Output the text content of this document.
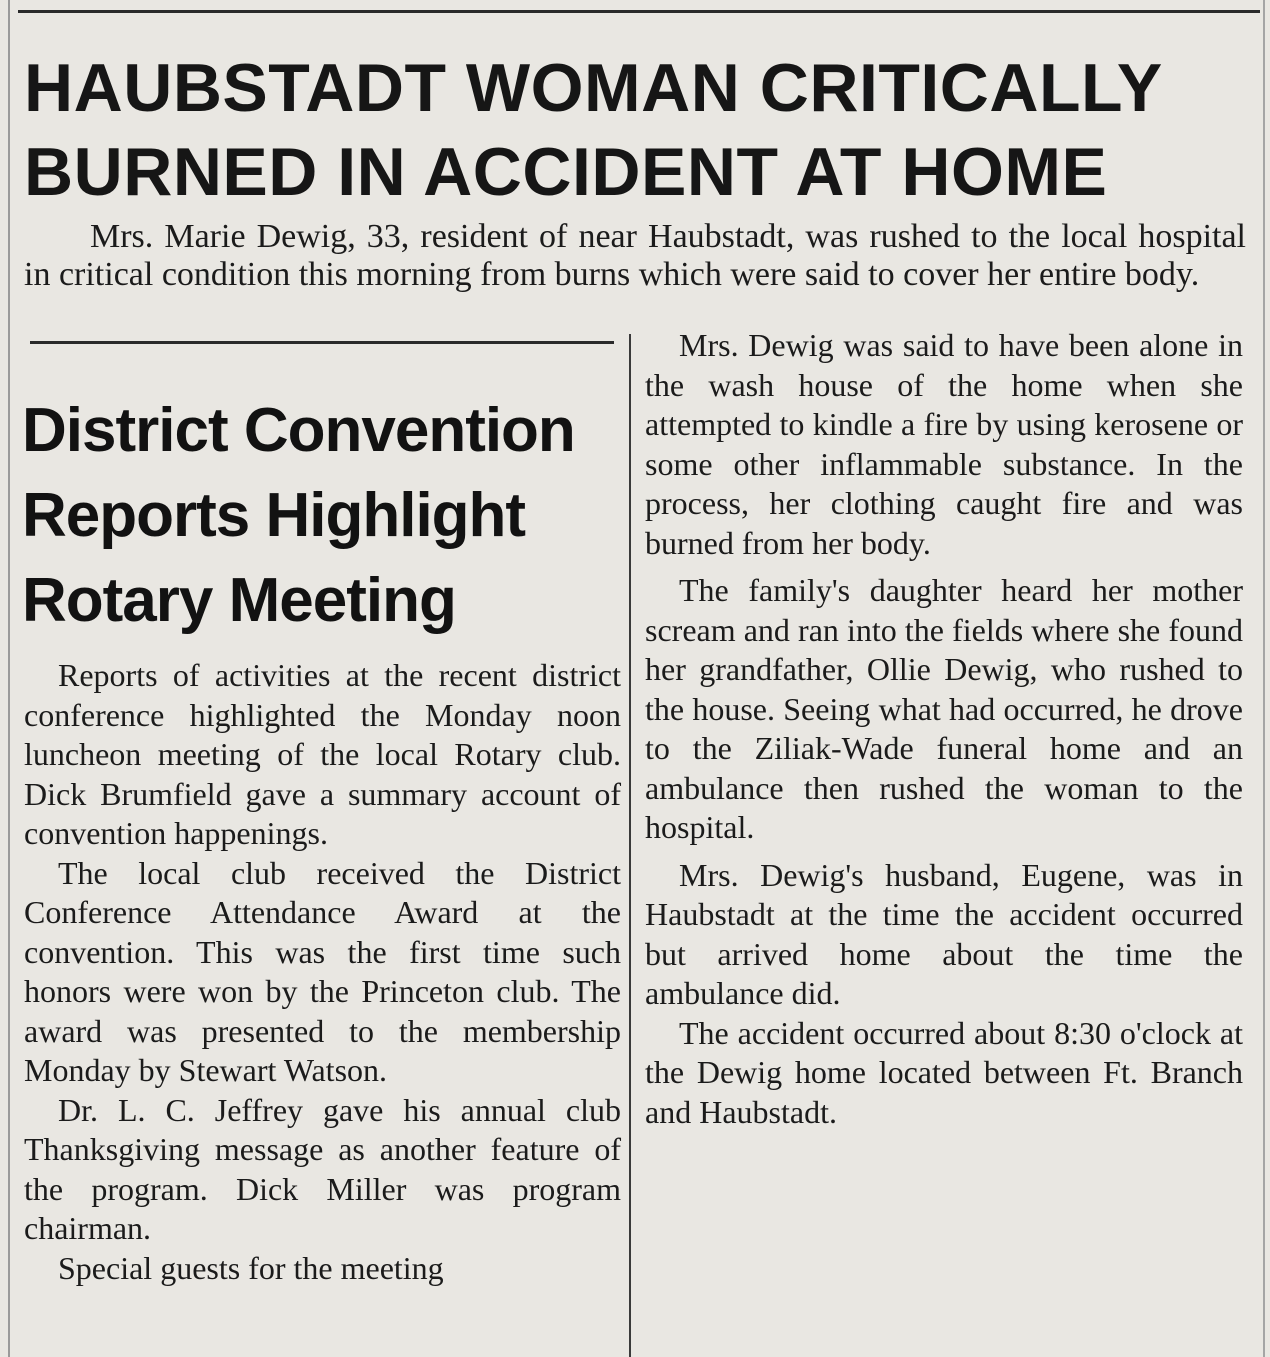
HAUBSTADT WOMAN CRITICALLY
BURNED IN ACCIDENT AT HOME

Mrs. Marie Dewig, 33, resident of near Haubstadt, was rushed to the local hospital in critical condition this morning from burns which were said to cover her entire body.

District Convention
Reports Highlight
Rotary Meeting

Reports of activities at the recent district conference highlighted the Monday noon luncheon meeting of the local Rotary club. Dick Brumfield gave a summary account of convention happenings.

The local club received the District Conference Attendance Award at the convention. This was the first time such honors were won by the Princeton club. The award was presented to the membership Monday by Stewart Watson.

Dr. L. C. Jeffrey gave his annual club Thanksgiving message as another feature of the program. Dick Miller was program chairman.

Special guests for the meeting

Mrs. Dewig was said to have been alone in the wash house of the home when she attempted to kindle a fire by using kerosene or some other inflammable substance. In the process, her clothing caught fire and was burned from her body.

The family's daughter heard her mother scream and ran into the fields where she found her grandfather, Ollie Dewig, who rushed to the house. Seeing what had occurred, he drove to the Ziliak-Wade funeral home and an ambulance then rushed the woman to the hospital.

Mrs. Dewig's husband, Eugene, was in Haubstadt at the time the accident occurred but arrived home about the time the ambulance did.

The accident occurred about 8:30 o'clock at the Dewig home located between Ft. Branch and Haubstadt.
